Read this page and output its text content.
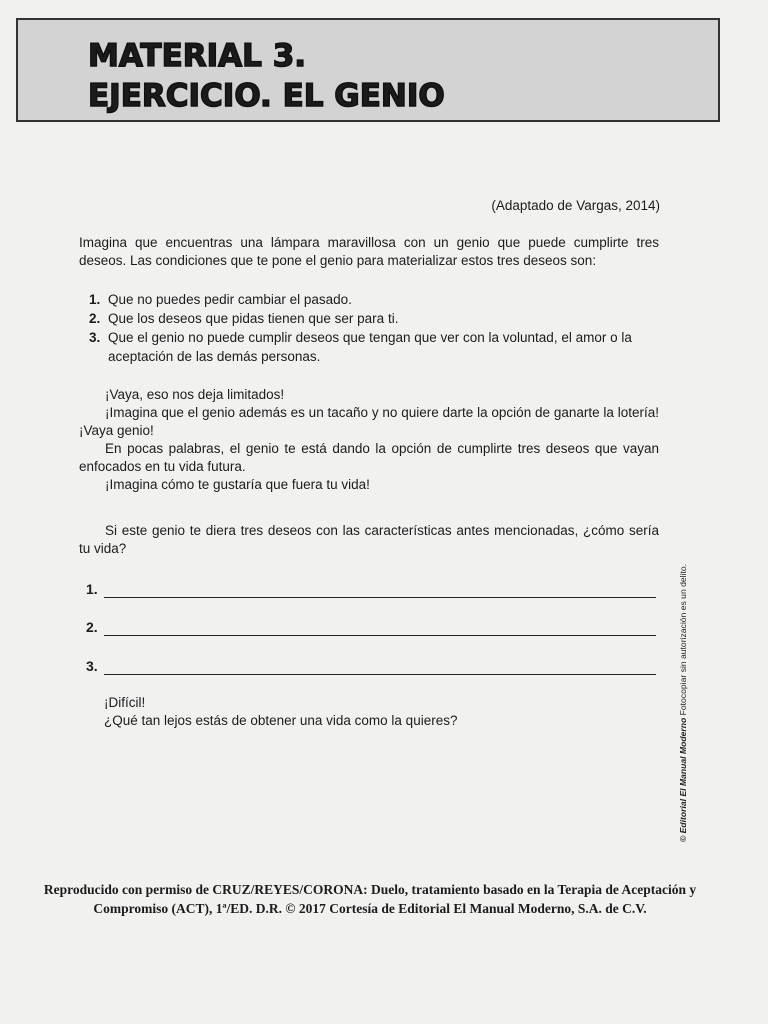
MATERIAL 3.
EJERCICIO. EL GENIO
(Adaptado de Vargas, 2014)

Imagina que encuentras una lámpara maravillosa con un genio que puede cumplirte tres deseos. Las condiciones que te pone el genio para materializar estos tres deseos son:

1. Que no puedes pedir cambiar el pasado.
2. Que los deseos que pidas tienen que ser para ti.
3. Que el genio no puede cumplir deseos que tengan que ver con la voluntad, el amor o la aceptación de las demás personas.

¡Vaya, eso nos deja limitados!

¡Imagina que el genio además es un tacaño y no quiere darte la opción de ganarte la lotería! ¡Vaya genio!

En pocas palabras, el genio te está dando la opción de cumplirte tres deseos que vayan enfocados en tu vida futura.

¡Imagina cómo te gustaría que fuera tu vida!

Si este genio te diera tres deseos con las características antes mencionadas, ¿cómo sería tu vida?

1.
2.
3.

¡Difícil!

¿Qué tan lejos estás de obtener una vida como la quieres?	© Editorial El Manual Moderno Fotocopiar sin autorización es un delito.
Reproducido con permiso de CRUZ/REYES/CORONA: Duelo, tratamiento basado en la Terapia de Aceptación y
Compromiso (ACT), 1ª/ED. D.R. © 2017 Cortesía de Editorial El Manual Moderno, S.A. de C.V.
